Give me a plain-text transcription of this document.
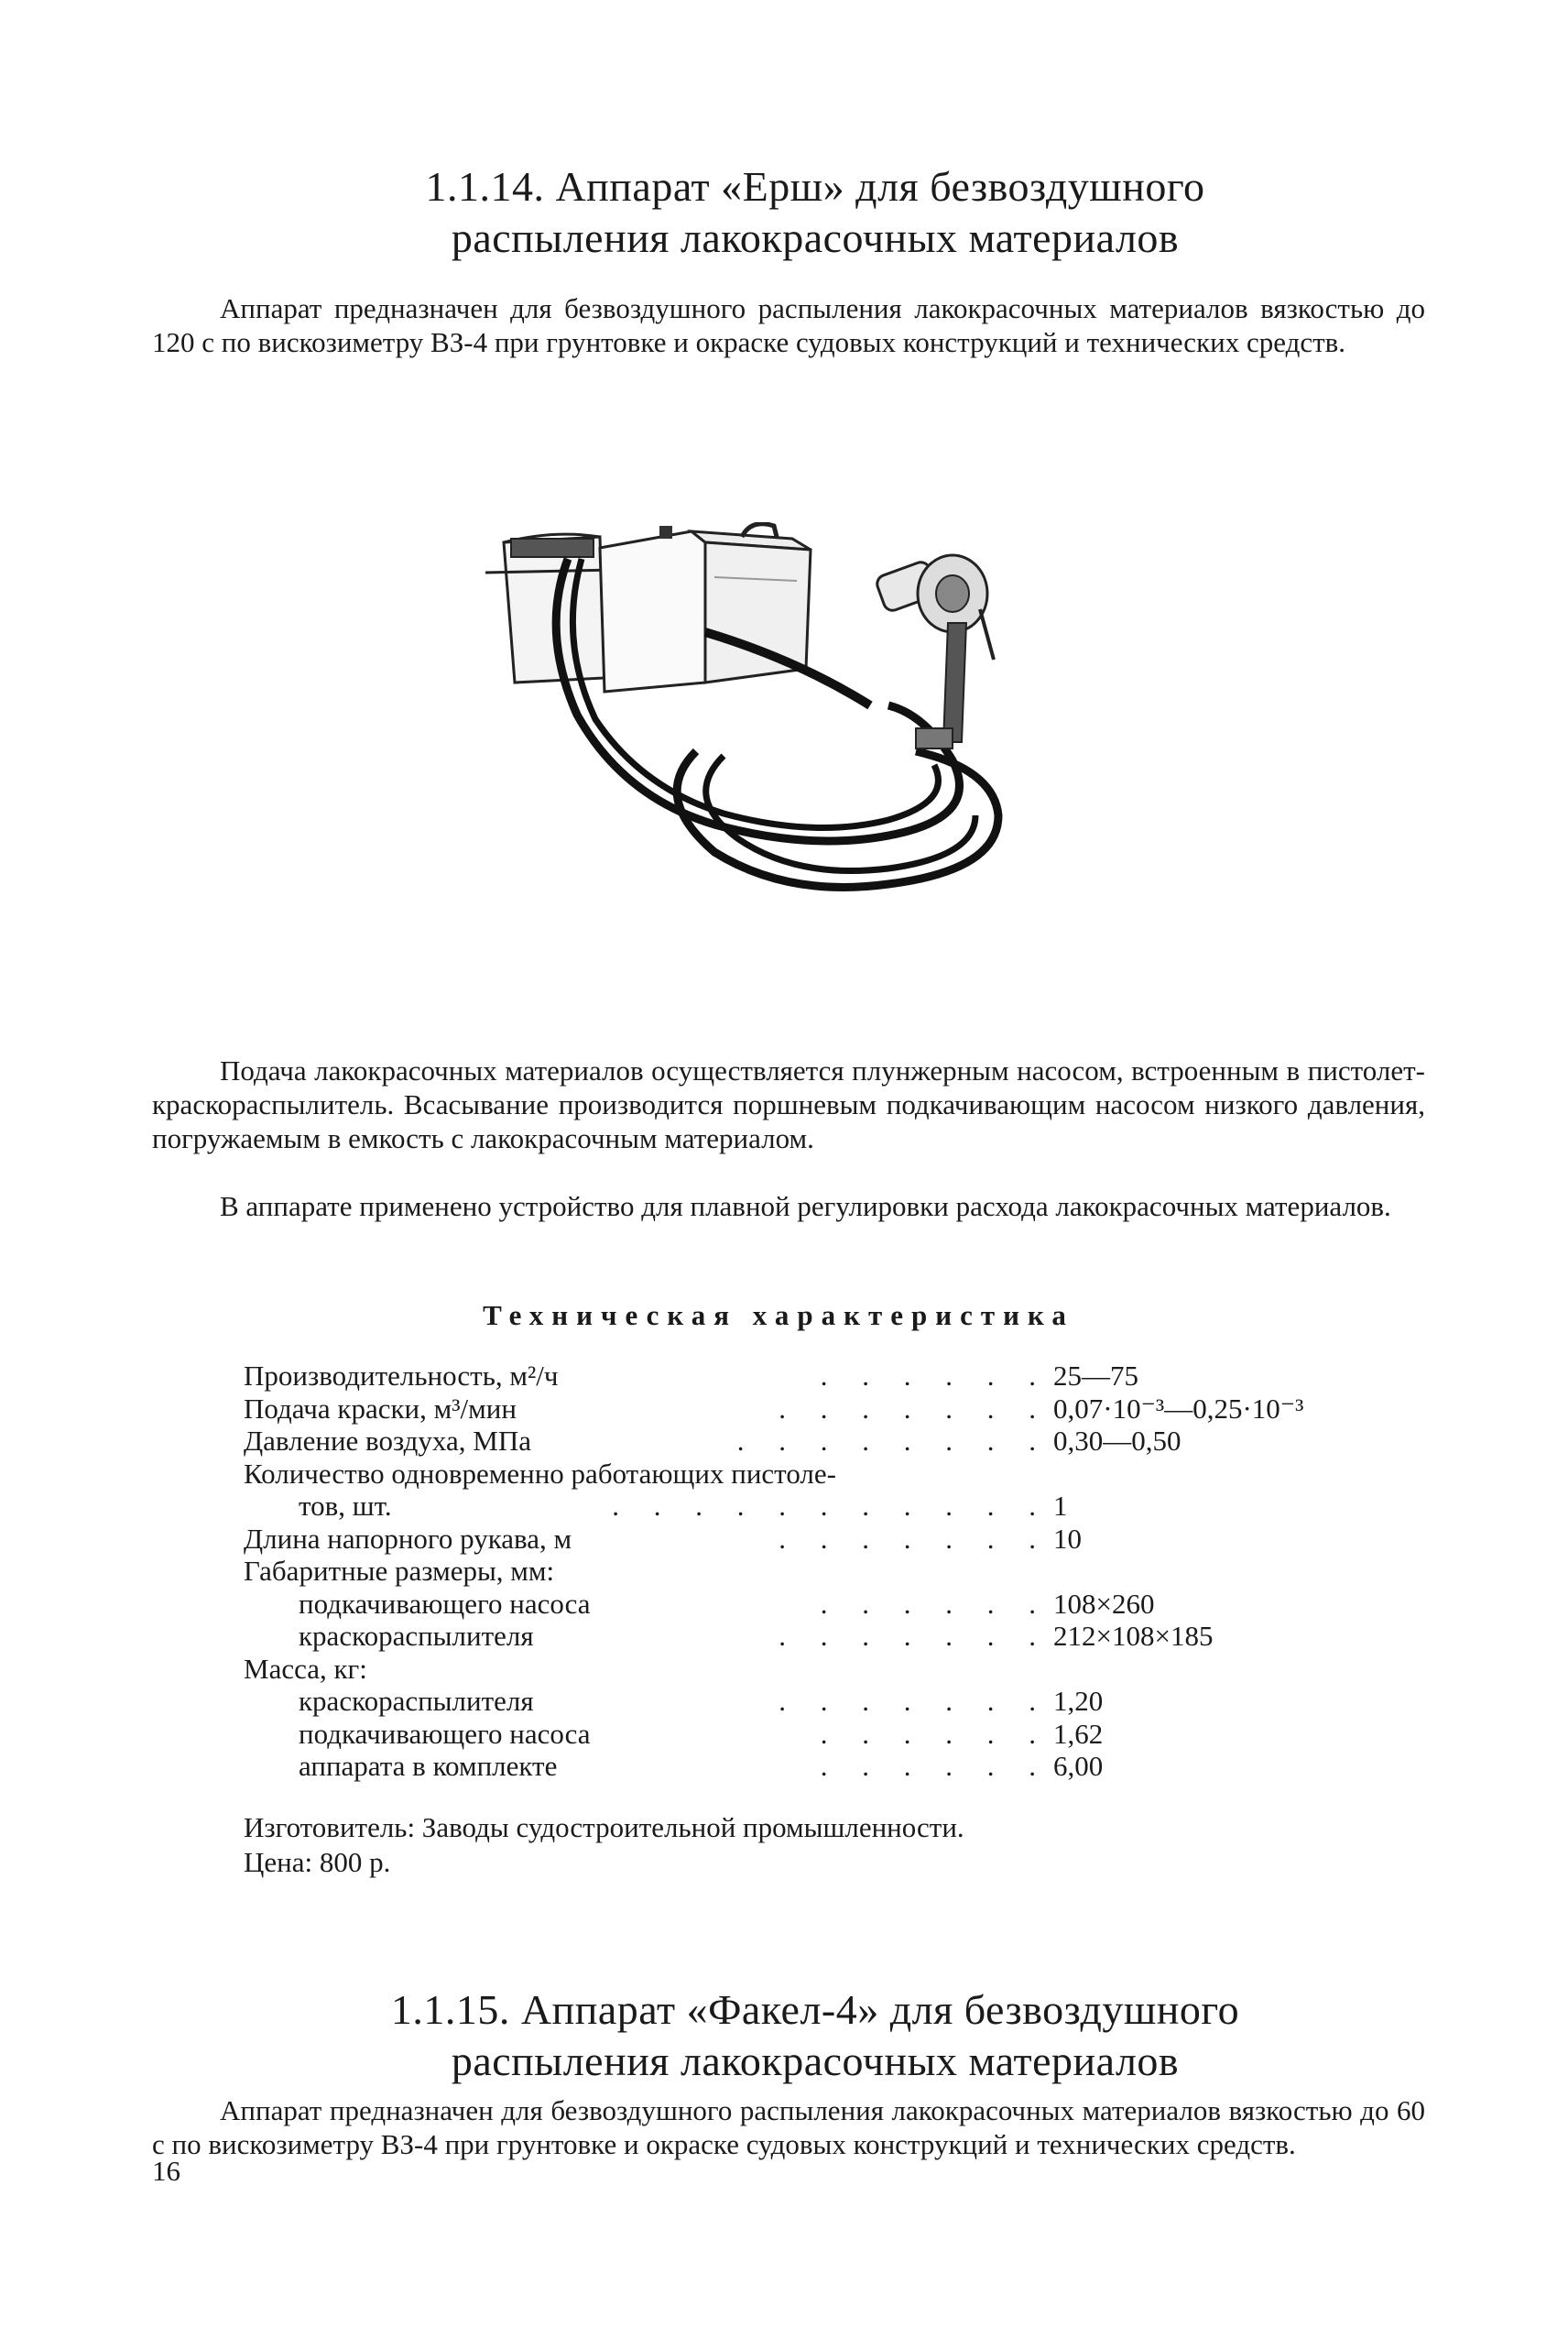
1.1.14. Аппарат «Ерш» для безвоздушного
распыления лакокрасочных материалов

Аппарат предназначен для безвоздушного распыления лакокрасочных материалов вязкостью до 120 с по вискозиметру ВЗ-4 при грунтовке и окраске судовых конструкций и технических средств.

Подача лакокрасочных материалов осуществляется плунжерным насосом, встроенным в пистолет-краскораспылитель. Всасывание производится поршневым подкачивающим насосом низкого давления, погружаемым в емкость с лакокрасочным материалом.

В аппарате применено устройство для плавной регулировки расхода лакокрасочных материалов.

Техническая характеристика
Производительность, м²/ч	. . . . . . 25—75
Подача краски, м³/мин	. . . . . . . 0,07·10⁻³—0,25·10⁻³
Давление воздуха, МПа	. . . . . . . . 0,30—0,50
Количество одновременно работающих пистоле-
тов, шт.	. . . . . . . . . . . 1
Длина напорного рукава, м	. . . . . . . 10
Габаритные размеры, мм:
подкачивающего насоса	. . . . . . 108×260
краскораспылителя	. . . . . . . 212×108×185
Масса, кг:
краскораспылителя	. . . . . . . 1,20
подкачивающего насоса	. . . . . . 1,62
аппарата в комплекте	. . . . . . 6,00
Изготовитель: Заводы судостроительной промышленности.
Цена: 800 р.
1.1.15. Аппарат «Факел-4» для безвоздушного
распыления лакокрасочных материалов

Аппарат предназначен для безвоздушного распыления лакокрасочных материалов вязкостью до 60 с по вискозиметру ВЗ-4 при грунтовке и окраске судовых конструкций и технических средств.

16
